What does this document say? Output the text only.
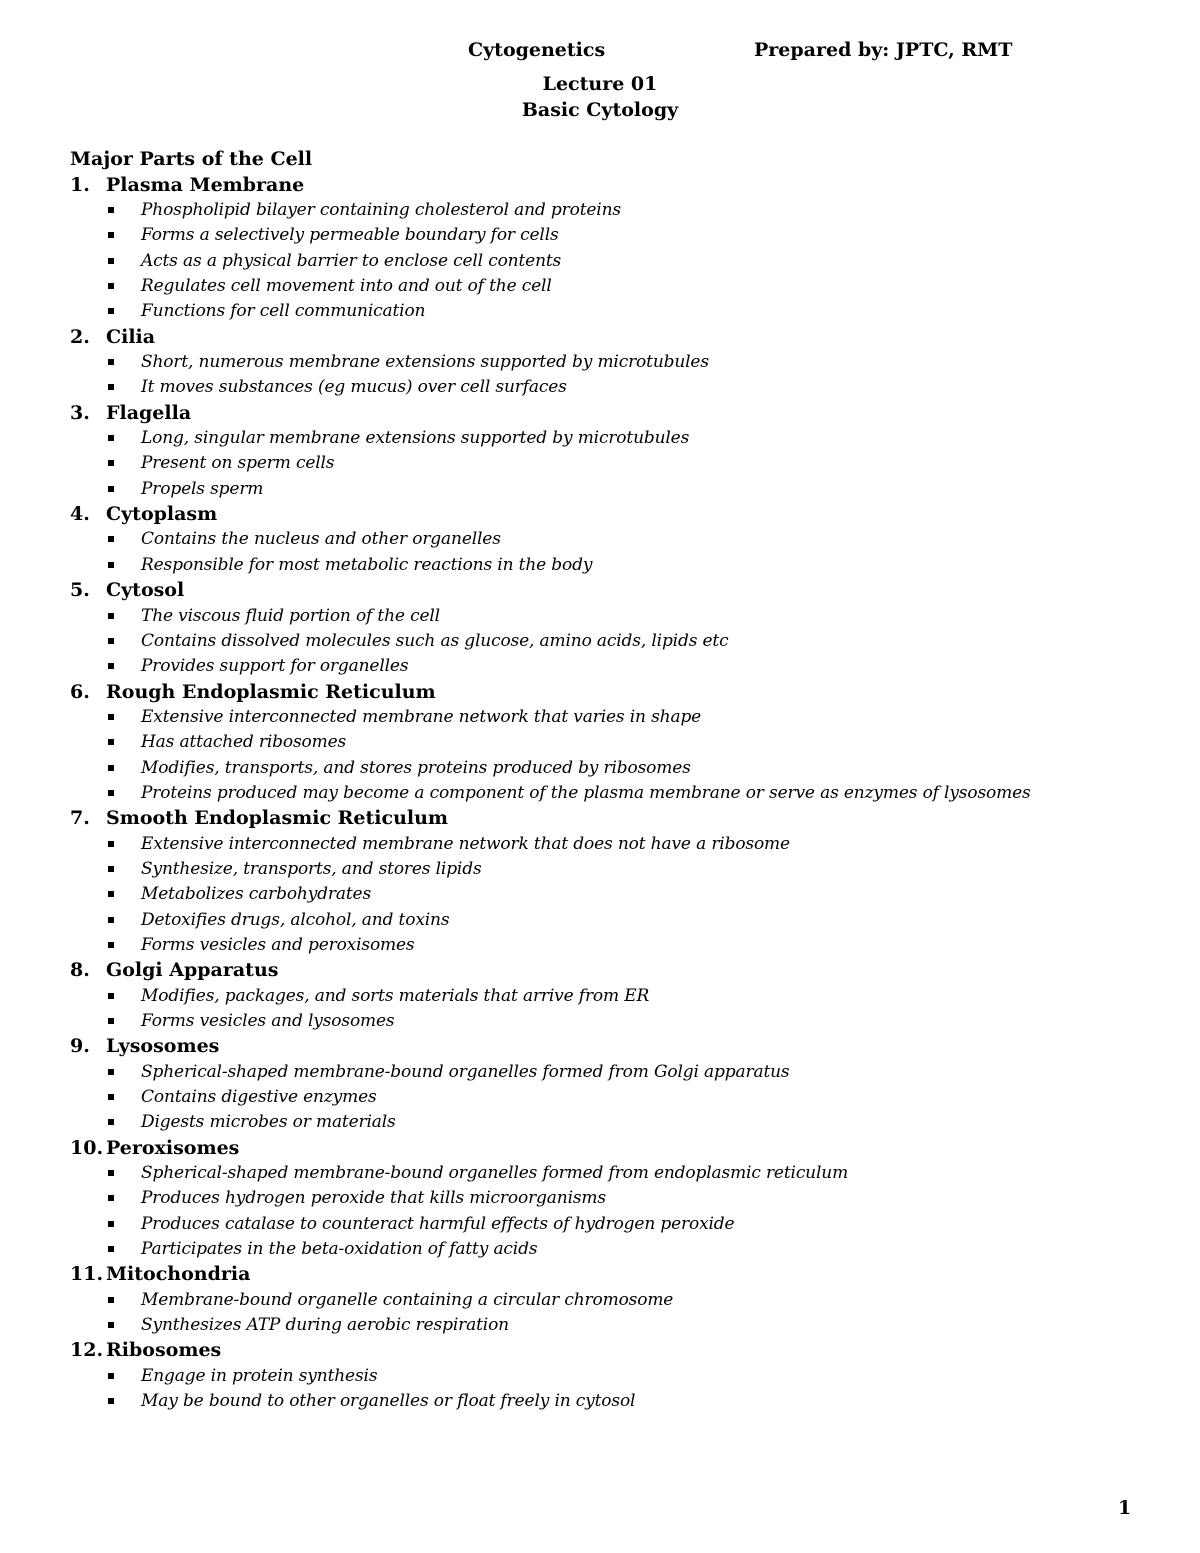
Cytogenetics	Prepared by: JPTC, RMT
Lecture 01
Basic Cytology
Major Parts of the Cell
1. Plasma Membrane
Phospholipid bilayer containing cholesterol and proteins
Forms a selectively permeable boundary for cells
Acts as a physical barrier to enclose cell contents
Regulates cell movement into and out of the cell
Functions for cell communication
2. Cilia
Short, numerous membrane extensions supported by microtubules
It moves substances (eg mucus) over cell surfaces
3. Flagella
Long, singular membrane extensions supported by microtubules
Present on sperm cells
Propels sperm
4. Cytoplasm
Contains the nucleus and other organelles
Responsible for most metabolic reactions in the body
5. Cytosol
The viscous fluid portion of the cell
Contains dissolved molecules such as glucose, amino acids, lipids etc
Provides support for organelles
6. Rough Endoplasmic Reticulum
Extensive interconnected membrane network that varies in shape
Has attached ribosomes
Modifies, transports, and stores proteins produced by ribosomes
Proteins produced may become a component of the plasma membrane or serve as enzymes of lysosomes
7. Smooth Endoplasmic Reticulum
Extensive interconnected membrane network that does not have a ribosome
Synthesize, transports, and stores lipids
Metabolizes carbohydrates
Detoxifies drugs, alcohol, and toxins
Forms vesicles and peroxisomes
8. Golgi Apparatus
Modifies, packages, and sorts materials that arrive from ER
Forms vesicles and lysosomes
9. Lysosomes
Spherical-shaped membrane-bound organelles formed from Golgi apparatus
Contains digestive enzymes
Digests microbes or materials
10. Peroxisomes
Spherical-shaped membrane-bound organelles formed from endoplasmic reticulum
Produces hydrogen peroxide that kills microorganisms
Produces catalase to counteract harmful effects of hydrogen peroxide
Participates in the beta-oxidation of fatty acids
11. Mitochondria
Membrane-bound organelle containing a circular chromosome
Synthesizes ATP during aerobic respiration
12. Ribosomes
Engage in protein synthesis
May be bound to other organelles or float freely in cytosol
1
